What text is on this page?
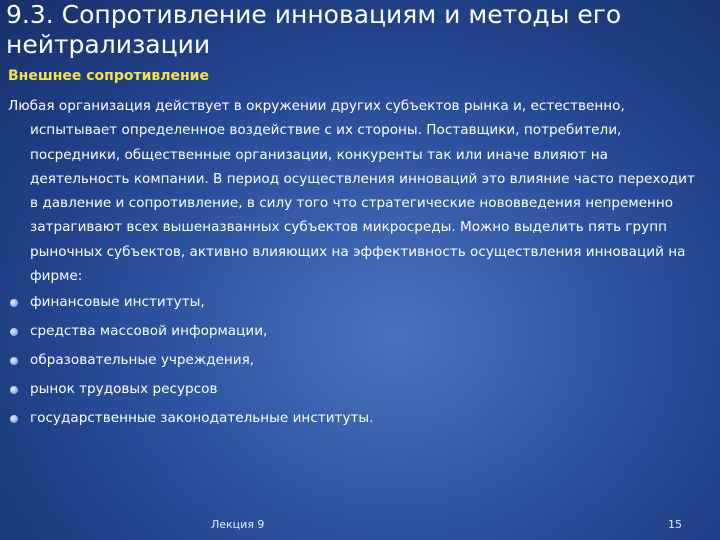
9.3. Сопротивление инновациям и методы его нейтрализации
Внешнее сопротивление

Любая организация действует в окружении других субъектов рынка и, естественно, испытывает определенное воздействие с их стороны. Поставщики, потребители, посредники, общественные организации, конкуренты так или иначе влияют на деятельность компании. В период осуществления инноваций это влияние часто переходит в давление и сопротивление, в силу того что стратегические нововведения непременно затрагивают всех вышеназванных субъектов микросреды. Можно выделить пять групп рыночных субъектов, активно влияющих на эффективность осуществления инноваций на фирме:

финансовые институты,
средства массовой информации,
образовательные учреждения,
рынок трудовых ресурсов
государственные законодательные институты.
Лекция 9	15
